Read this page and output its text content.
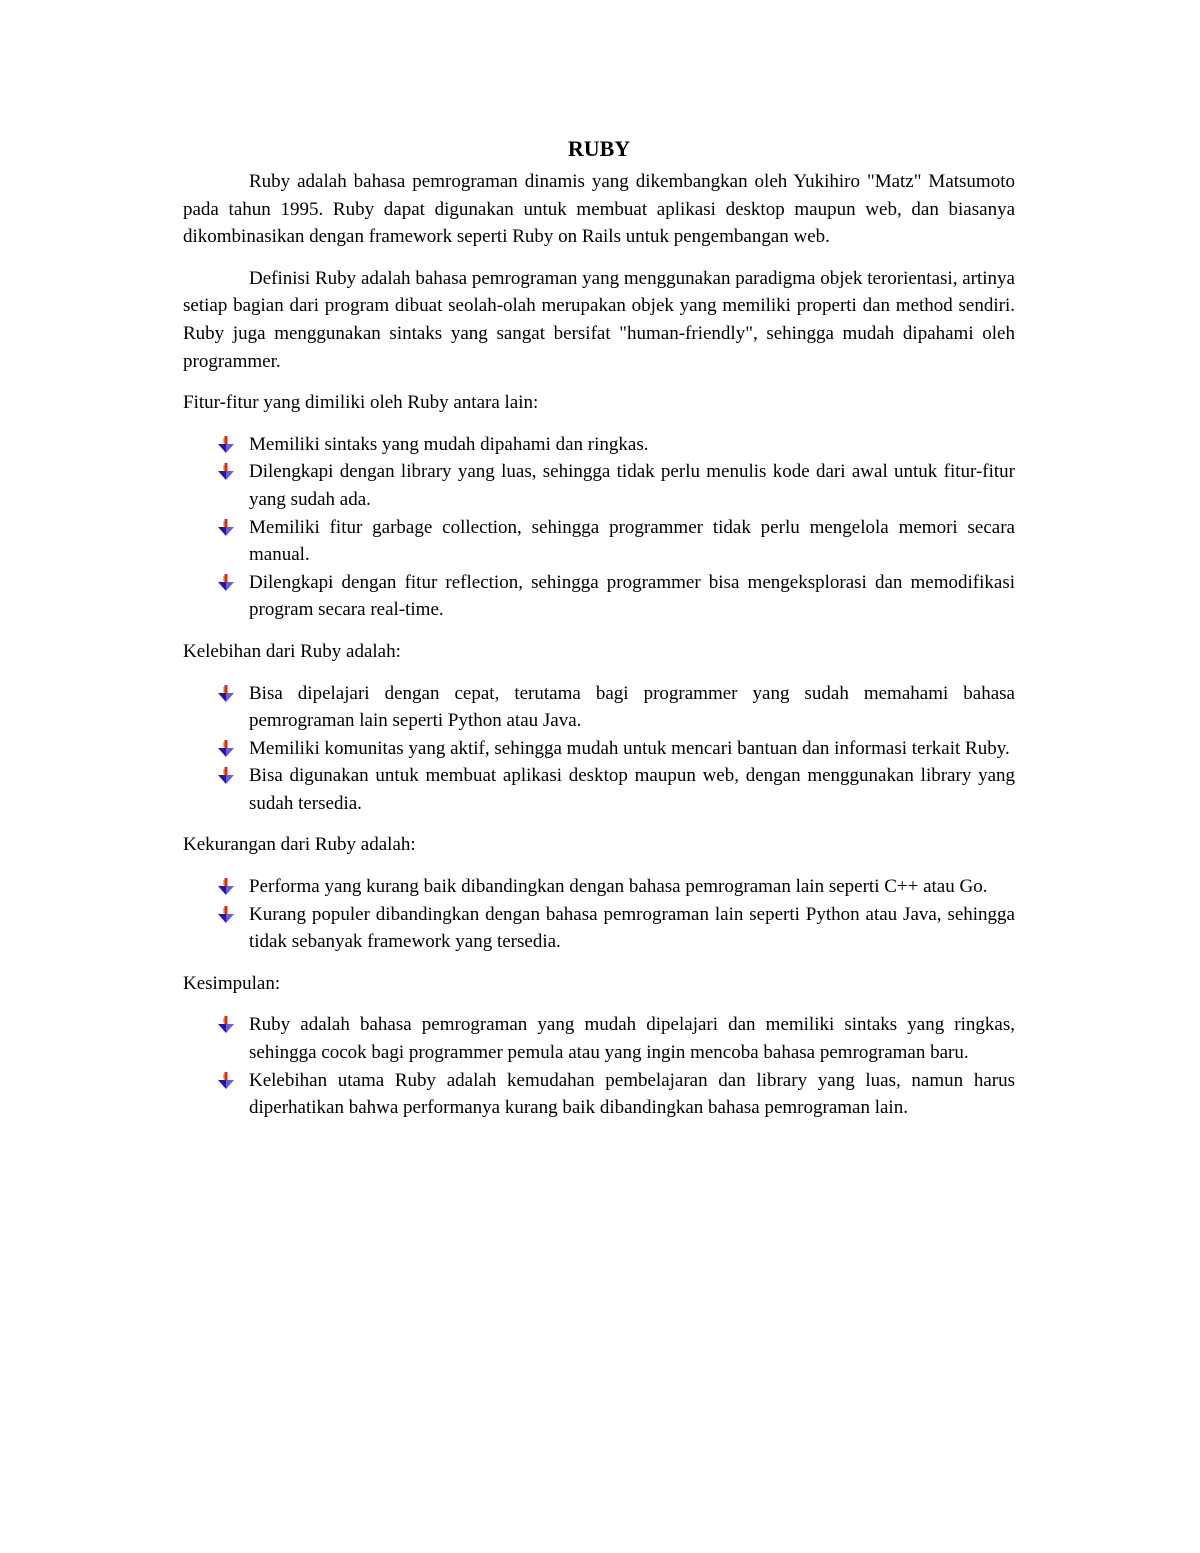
RUBY

Ruby adalah bahasa pemrograman dinamis yang dikembangkan oleh Yukihiro "Matz" Matsumoto pada tahun 1995. Ruby dapat digunakan untuk membuat aplikasi desktop maupun web, dan biasanya dikombinasikan dengan framework seperti Ruby on Rails untuk pengembangan web.

Definisi Ruby adalah bahasa pemrograman yang menggunakan paradigma objek terorientasi, artinya setiap bagian dari program dibuat seolah-olah merupakan objek yang memiliki properti dan method sendiri. Ruby juga menggunakan sintaks yang sangat bersifat "human-friendly", sehingga mudah dipahami oleh programmer.

Fitur-fitur yang dimiliki oleh Ruby antara lain:
Memiliki sintaks yang mudah dipahami dan ringkas.
Dilengkapi dengan library yang luas, sehingga tidak perlu menulis kode dari awal untuk fitur-fitur yang sudah ada.
Memiliki fitur garbage collection, sehingga programmer tidak perlu mengelola memori secara manual.
Dilengkapi dengan fitur reflection, sehingga programmer bisa mengeksplorasi dan memodifikasi program secara real-time.
Kelebihan dari Ruby adalah:
Bisa dipelajari dengan cepat, terutama bagi programmer yang sudah memahami bahasa pemrograman lain seperti Python atau Java.
Memiliki komunitas yang aktif, sehingga mudah untuk mencari bantuan dan informasi terkait Ruby.
Bisa digunakan untuk membuat aplikasi desktop maupun web, dengan menggunakan library yang sudah tersedia.
Kekurangan dari Ruby adalah:
Performa yang kurang baik dibandingkan dengan bahasa pemrograman lain seperti C++ atau Go.
Kurang populer dibandingkan dengan bahasa pemrograman lain seperti Python atau Java, sehingga tidak sebanyak framework yang tersedia.
Kesimpulan:
Ruby adalah bahasa pemrograman yang mudah dipelajari dan memiliki sintaks yang ringkas, sehingga cocok bagi programmer pemula atau yang ingin mencoba bahasa pemrograman baru.
Kelebihan utama Ruby adalah kemudahan pembelajaran dan library yang luas, namun harus diperhatikan bahwa performanya kurang baik dibandingkan bahasa pemrograman lain.
